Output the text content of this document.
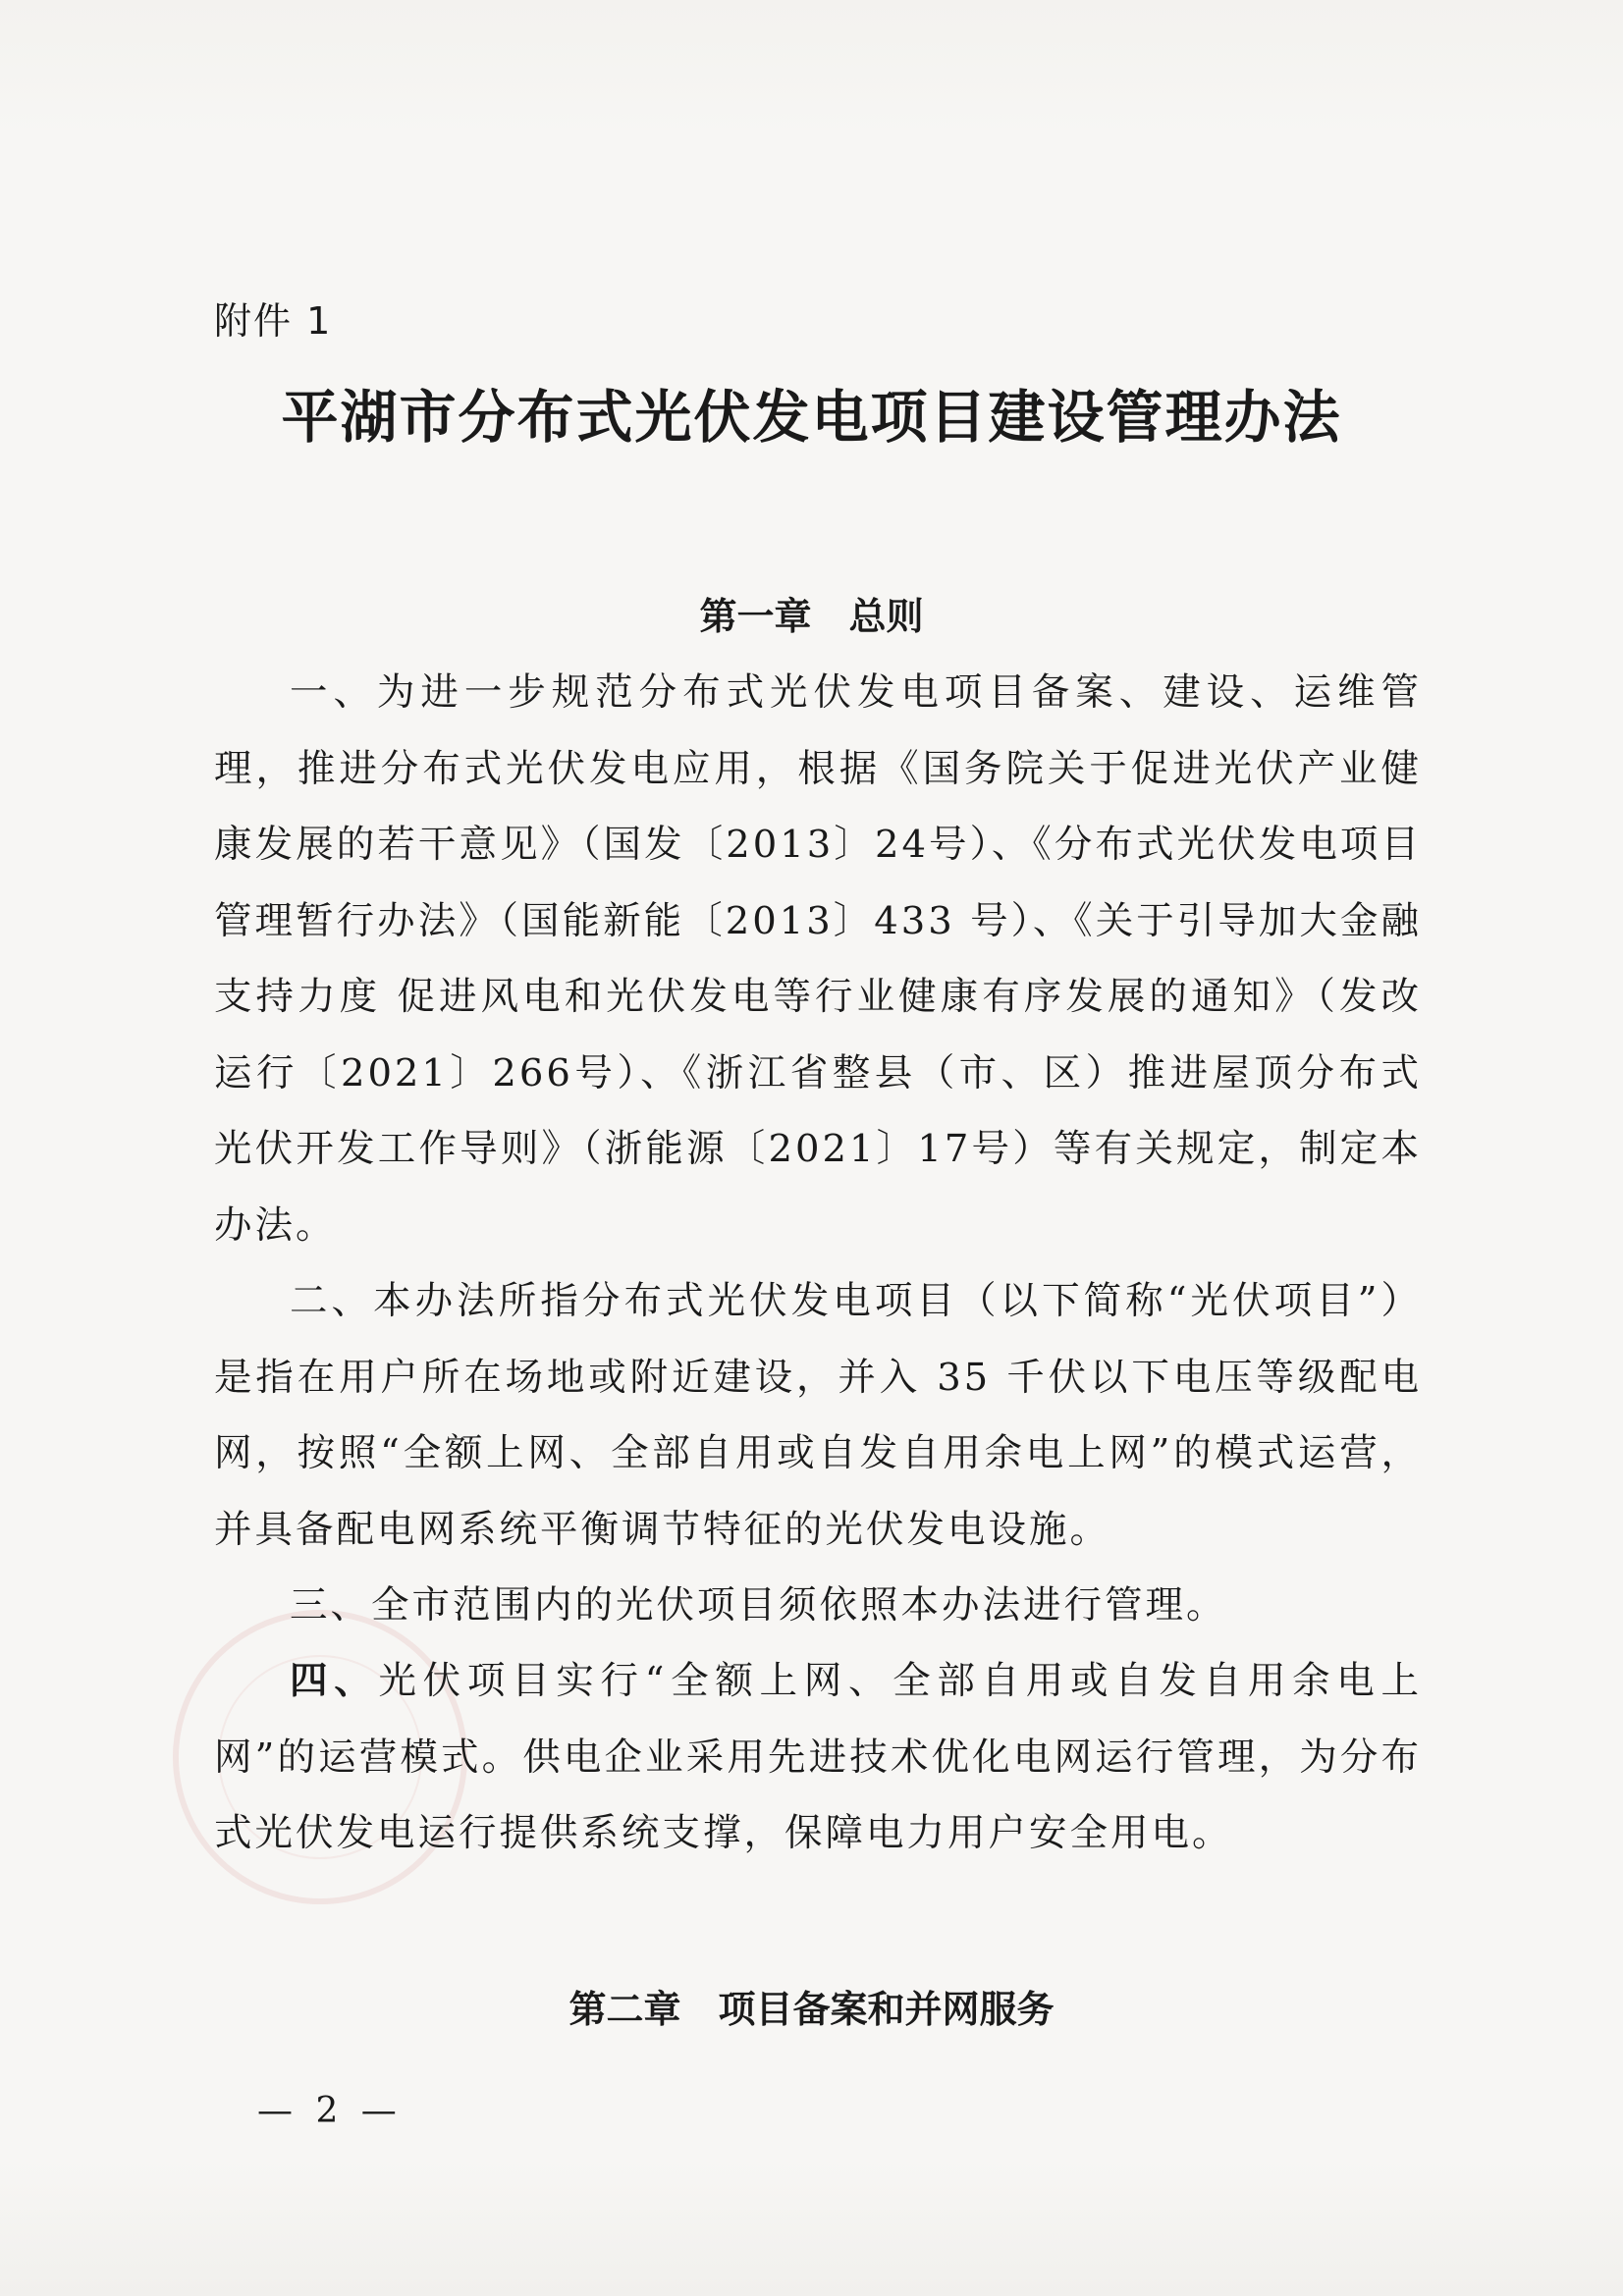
附件 1
平湖市分布式光伏发电项目建设管理办法
第一章　总则

一、为进一步规范分布式光伏发电项目备案、建设、运维管理，推进分布式光伏发电应用，根据《国务院关于促进光伏产业健康发展的若干意见》（国发〔2013〕24号）、《分布式光伏发电项目管理暂行办法》（国能新能〔2013〕433 号）、《关于引导加大金融支持力度 促进风电和光伏发电等行业健康有序发展的通知》（发改运行〔2021〕266号）、《浙江省整县（市、区）推进屋顶分布式光伏开发工作导则》（浙能源〔2021〕17号）等有关规定，制定本办法。

二、本办法所指分布式光伏发电项目（以下简称“光伏项目”）是指在用户所在场地或附近建设，并入 35 千伏以下电压等级配电网，按照“全额上网、全部自用或自发自用余电上网”的模式运营，并具备配电网系统平衡调节特征的光伏发电设施。

三、全市范围内的光伏项目须依照本办法进行管理。

四、光伏项目实行“全额上网、全部自用或自发自用余电上网”的运营模式。供电企业采用先进技术优化电网运行管理，为分布式光伏发电运行提供系统支撑，保障电力用户安全用电。

第二章　项目备案和并网服务
— 2 —
